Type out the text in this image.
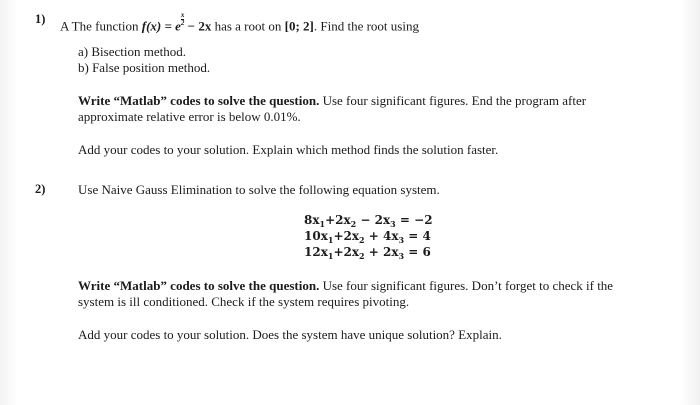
1) A The function f(x) = e $\frac{x}{2} - 2x$ has a root on [0; 2]. Find the root using
a) Bisection method.
b) False position method.
Write “Matlab” codes to solve the question. Use four significant figures. End the program after
approximate relative error is below 0.01%.
Add your codes to your solution. Explain which method finds the solution faster.
2)	Use Naive Gauss Elimination to solve the following equation system.
$8x_1+2x_2 - 2x_3 = -2$
$10x_1+2x_2 + 4x_3 = 4$
$12x_1+2x_2 + 2x_3 = 6$
Write “Matlab” codes to solve the question. Use four significant figures. Don’t forget to check if the
system is ill conditioned. Check if the system requires pivoting.
Add your codes to your solution. Does the system have unique solution? Explain.
